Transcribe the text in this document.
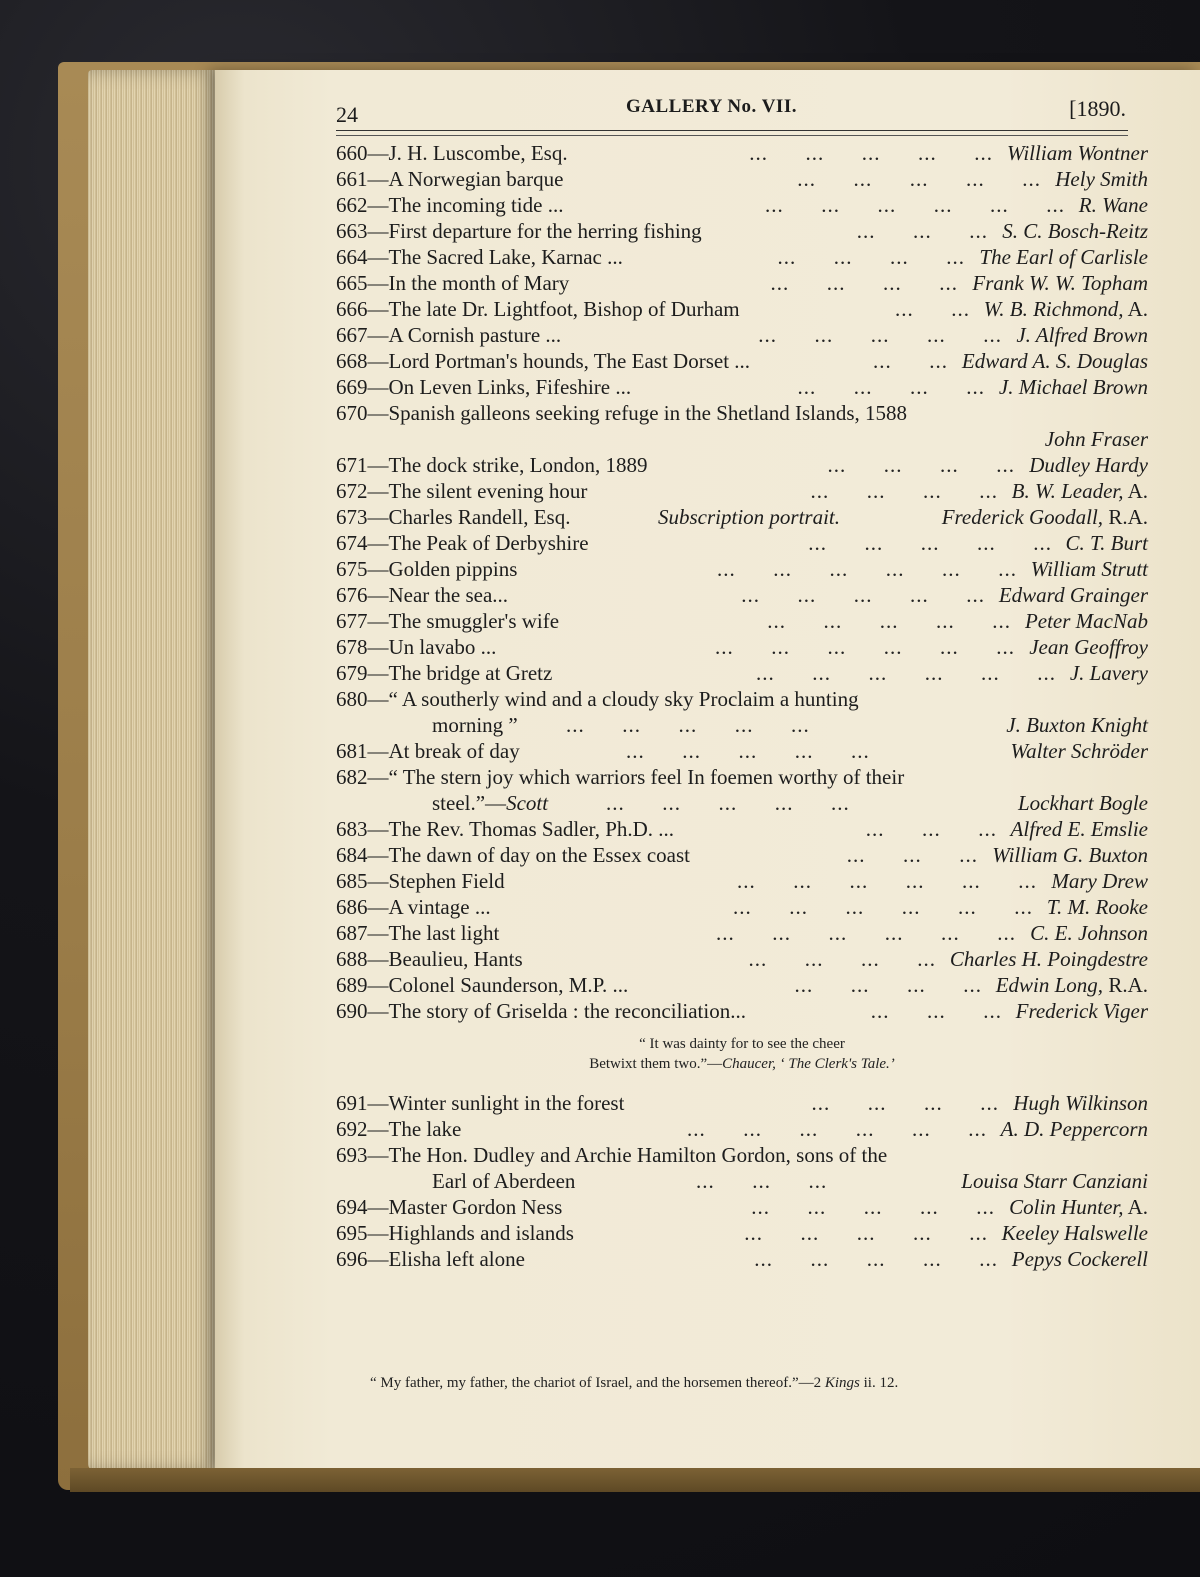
24	GALLERY No. VII.	[1890.
660—J. H. Luscombe, Esq.	...      ...      ...      ...      ... William Wontner
661—A Norwegian barque	...      ...      ...      ...      ... Hely Smith
662—The incoming tide ...	...      ...      ...      ...      ...      ... R. Wane
663—First departure for the herring fishing	...      ...      ... S. C. Bosch-Reitz
664—The Sacred Lake, Karnac ...	...      ...      ...      ... The Earl of Carlisle
665—In the month of Mary	...      ...      ...      ... Frank W. W. Topham
666—The late Dr. Lightfoot, Bishop of Durham	...      ... W. B. Richmond, A.
667—A Cornish pasture ...	...      ...      ...      ...      ... J. Alfred Brown
668—Lord Portman's hounds, The East Dorset ...	...      ... Edward A. S. Douglas
669—On Leven Links, Fifeshire ...	...      ...      ...      ... J. Michael Brown
670—Spanish galleons seeking refuge in the Shetland Islands, 1588
John Fraser
671—The dock strike, London, 1889	...      ...      ...      ... Dudley Hardy
672—The silent evening hour	...      ...      ...      ... B. W. Leader, A.
673—Charles Randell, Esq.	Subscription portrait.	Frederick Goodall, R.A.
674—The Peak of Derbyshire	...      ...      ...      ...      ... C. T. Burt
675—Golden pippins	...      ...      ...      ...      ...      ... William Strutt
676—Near the sea...	...      ...      ...      ...      ... Edward Grainger
677—The smuggler's wife	...      ...      ...      ...      ... Peter MacNab
678—Un lavabo ...	...      ...      ...      ...      ...      ... Jean Geoffroy
679—The bridge at Gretz	...      ...      ...      ...      ...      ... J. Lavery
680—“ A southerly wind and a cloudy sky Proclaim a hunting
morning ” ...      ...      ...      ...      ...	J. Buxton Knight
681—At break of day	...      ...      ...      ...      ...	Walter Schröder
682—“ The stern joy which warriors feel In foemen worthy of their
steel.”—Scott	...      ...      ...      ...      ...	Lockhart Bogle
683—The Rev. Thomas Sadler, Ph.D. ...	...      ...      ... Alfred E. Emslie
684—The dawn of day on the Essex coast	...      ...      ... William G. Buxton
685—Stephen Field	...      ...      ...      ...      ...      ... Mary Drew
686—A vintage ...	...      ...      ...      ...      ...      ... T. M. Rooke
687—The last light	...      ...      ...      ...      ...      ... C. E. Johnson
688—Beaulieu, Hants	...      ...      ...      ... Charles H. Poingdestre
689—Colonel Saunderson, M.P. ...	...      ...      ...      ... Edwin Long, R.A.
690—The story of Griselda : the reconciliation...	...      ...      ... Frederick Viger
“ It was dainty for to see the cheer
Betwixt them two.”—Chaucer, ‘ The Clerk's Tale.’
691—Winter sunlight in the forest	...      ...      ...      ... Hugh Wilkinson
692—The lake	...      ...      ...      ...      ...      ... A. D. Peppercorn
693—The Hon. Dudley and Archie Hamilton Gordon, sons of the
Earl of Aberdeen	...      ...      ...	Louisa Starr Canziani
694—Master Gordon Ness	...      ...      ...      ...      ... Colin Hunter, A.
695—Highlands and islands	...      ...      ...      ...      ... Keeley Halswelle
696—Elisha left alone	...      ...      ...      ...      ... Pepys Cockerell
“ My father, my father, the chariot of Israel, and the horsemen thereof.”—2 Kings ii. 12.
